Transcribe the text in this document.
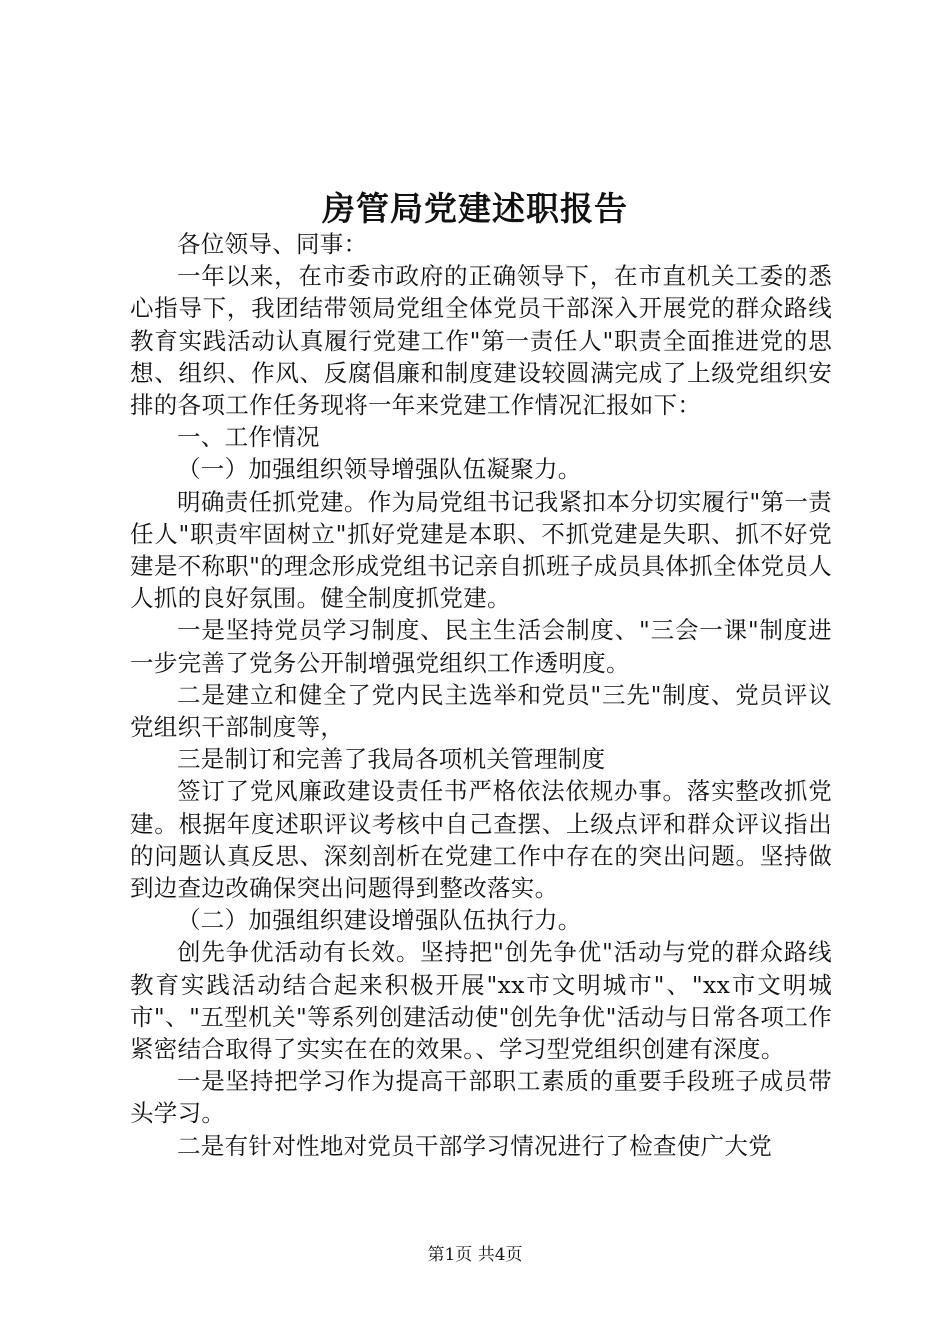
房管局党建述职报告

各位领导、同事：

一年以来，在市委市政府的正确领导下，在市直机关工委的悉心指导下，我团结带领局党组全体党员干部深入开展党的群众路线教育实践活动认真履行党建工作"第一责任人"职责全面推进党的思想、组织、作风、反腐倡廉和制度建设较圆满完成了上级党组织安排的各项工作任务现将一年来党建工作情况汇报如下：

一、工作情况

（一）加强组织领导增强队伍凝聚力。

明确责任抓党建。作为局党组书记我紧扣本分切实履行"第一责任人"职责牢固树立"抓好党建是本职、不抓党建是失职、抓不好党建是不称职"的理念形成党组书记亲自抓班子成员具体抓全体党员人人抓的良好氛围。健全制度抓党建。

一是坚持党员学习制度、民主生活会制度、"三会一课"制度进一步完善了党务公开制增强党组织工作透明度。

二是建立和健全了党内民主选举和党员"三先"制度、党员评议党组织干部制度等，

三是制订和完善了我局各项机关管理制度

签订了党风廉政建设责任书严格依法依规办事。落实整改抓党建。根据年度述职评议考核中自己查摆、上级点评和群众评议指出的问题认真反思、深刻剖析在党建工作中存在的突出问题。坚持做到边查边改确保突出问题得到整改落实。

（二）加强组织建设增强队伍执行力。

创先争优活动有长效。坚持把"创先争优"活动与党的群众路线教育实践活动结合起来积极开展"xx市文明城市"、"xx市文明城市"、"五型机关"等系列创建活动使"创先争优"活动与日常各项工作紧密结合取得了实实在在的效果。、学习型党组织创建有深度。

一是坚持把学习作为提高干部职工素质的重要手段班子成员带头学习。

二是有针对性地对党员干部学习情况进行了检查使广大党

第1页 共4页
